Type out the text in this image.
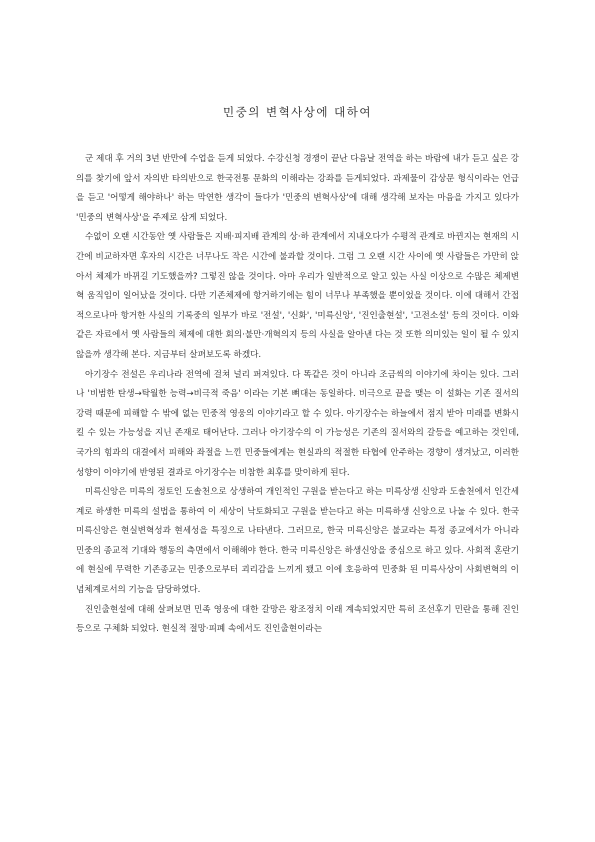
민중의 변혁사상에 대하여

군 제대 후 거의 3년 반만에 수업을 듣게 되었다. 수강신청 경쟁이 끝난 다음날 전역을 하는 바람에 내가 듣고 싶은 강의를 찾기에 앞서 자의반 타의반으로 한국전통 문화의 이해라는 강좌를 듣게되었다. 과제물이 감상문 형식이라는 언급을 듣고 '어떻게 해야하나' 하는 막연한 생각이 들다가 '민중의 변혁사상'에 대해 생각해 보자는 마음을 가지고 있다가 '민중의 변혁사상'을 주제로 삼게 되었다.

수없이 오랜 시간동안 옛 사람들은 지배·피지배 관계의 상·하 관계에서 지내오다가 수평적 관계로 바뀐지는 현재의 시간에 비교하자면 후자의 시간은 너무나도 작은 시간에 불과할 것이다. 그럼 그 오랜 시간 사이에 옛 사람들은 가만히 앉아서 체제가 바뀌길 기도했을까? 그렇진 않을 것이다. 아마 우리가 일반적으로 알고 있는 사실 이상으로 수많은 체제변혁 움직임이 일어났을 것이다. 다만 기존체제에 항거하기에는 힘이 너무나 부족했을 뿐이었을 것이다. 이에 대해서 간접적으로나마 항거한 사실의 기록중의 일부가 바로 '전설', '신화', '미륵신앙', '진인출현설', '고전소설' 등의 것이다. 이와 같은 자료에서 옛 사람들의 체제에 대한 회의·불만·개혁의지 등의 사실을 알아낸 다는 것 또한 의미있는 일이 될 수 있지 않을까 생각해 본다. 지금부터 살펴보도록 하겠다.

아기장수 전설은 우리나라 전역에 걸쳐 널리 퍼져있다. 다 똑같은 것이 아니라 조금씩의 이야기에 차이는 있다. 그러나 '비범한 탄생→탁월한 능력→비극적 죽음' 이라는 기본 뼈대는 동일하다. 비극으로 끝을 맺는 이 설화는 기존 질서의 강력 때문에 피해할 수 밖에 없는 민중적 영웅의 이야기라고 할 수 있다. 아기장수는 하늘에서 점지 받아 미래를 변화시킬 수 있는 가능성을 지닌 존재로 태어난다. 그러나 아기장수의 이 가능성은 기존의 질서와의 갈등을 예고하는 것인데, 국가의 힘과의 대결에서 피해와 좌절을 느낀 민중들에게는 현실과의 적절한 타협에 안주하는 경향이 생겨났고, 이러한 성향이 이야기에 반영된 결과로 아기장수는 비참한 최후를 맞이하게 된다.

미륵신앙은 미륵의 정토인 도솔천으로 상생하여 개인적인 구원을 받는다고 하는 미륵상생 신앙과 도솔천에서 인간세계로 하생한 미륵의 설법을 통하여 이 세상이 낙토화되고 구원을 받는다고 하는 미륵하생 신앙으로 나눌 수 있다. 한국 미륵신앙은 현실변혁성과 현세성을 특징으로 나타낸다. 그러므로, 한국 미륵신앙은 불교라는 특정 종교에서가 아니라 민중의 종교적 기대와 행동의 측면에서 이해해야 한다. 한국 미륵신앙은 하생신앙을 중심으로 하고 있다. 사회적 혼란기에 현실에 무력한 기존종교는 민중으로부터 괴리감을 느끼게 됐고 이에 호응하여 민중화 된 미륵사상이 사회변혁의 이념체계로서의 기능을 담당하였다.

진인출현설에 대해 살펴보면 민족 영웅에 대한 갈망은 왕조정치 이래 계속되었지만 특히 조선후기 민란을 통해 진인 등으로 구체화 되었다. 현실적 절망·피폐 속에서도 진인출현이라는
